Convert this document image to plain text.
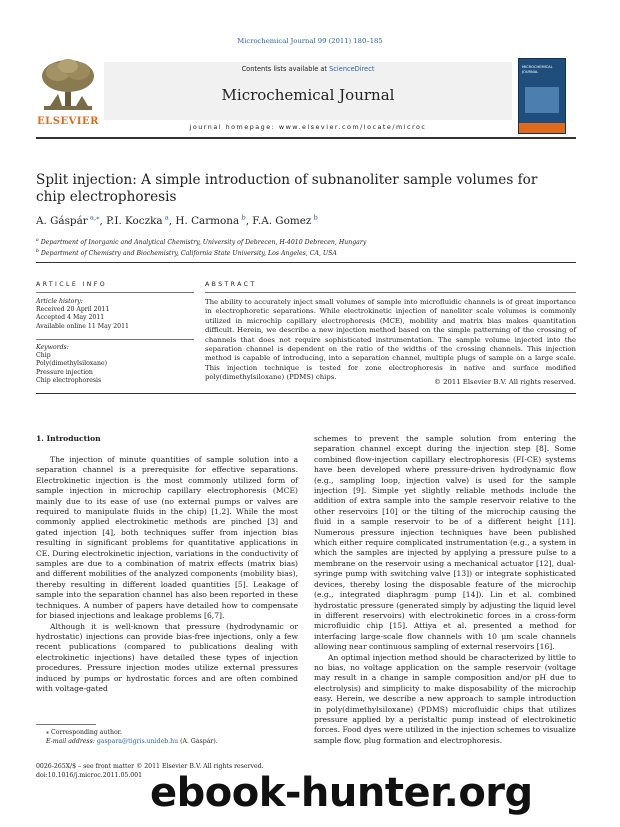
Microchemical Journal 99 (2011) 180–185
Contents lists available at ScienceDirect
Microchemical Journal
journal homepage: www.elsevier.com/locate/microc
ELSEVIER
MICROCHEMICAL JOURNAL
Split injection: A simple introduction of subnanoliter sample volumes for
chip electrophoresis
A. Gáspár $^{a,⁎}$, P.I. Koczka $^a$, H. Carmona $^b$, F.A. Gomez $^b$
$^a$ Department of Inorganic and Analytical Chemistry, University of Debrecen, H-4010 Debrecen, Hungary
$^b$ Department of Chemistry and Biochemistry, California State University, Los Angeles, CA, USA
ARTICLE INFO	ABSTRACT
Article history:
Received 20 April 2011
Accepted 4 May 2011
Available online 11 May 2011
Keywords:
Chip
Poly(dimethylsiloxane)
Pressure injection
Chip electrophoresis
The ability to accurately inject small volumes of sample into microfluidic channels is of great importance in electrophoretic separations. While electrokinetic injection of nanoliter scale volumes is commonly utilized in microchip capillary electrophoresis (MCE), mobility and matrix bias makes quantitation difficult. Herein, we describe a new injection method based on the simple patterning of the crossing of channels that does not require sophisticated instrumentation. The sample volume injected into the separation channel is dependent on the ratio of the widths of the crossing channels. This injection method is capable of introducing, into a separation channel, multiple plugs of sample on a large scale. This injection technique is tested for zone electrophoresis in native and surface modified poly(dimethylsiloxane) (PDMS) chips.
© 2011 Elsevier B.V. All rights reserved.
1. Introduction

The injection of minute quantities of sample solution into a separation channel is a prerequisite for effective separations. Electrokinetic injection is the most commonly utilized form of sample injection in microchip capillary electrophoresis (MCE) mainly due to its ease of use (no external pumps or valves are required to manipulate fluids in the chip) [1,2]. While the most commonly applied electrokinetic methods are pinched [3] and gated injection [4], both techniques suffer from injection bias resulting in significant problems for quantitative applications in CE. During electrokinetic injection, variations in the conductivity of samples are due to a combination of matrix effects (matrix bias) and different mobilities of the analyzed components (mobility bias), thereby resulting in different loaded quantities [5]. Leakage of sample into the separation channel has also been reported in these techniques. A number of papers have detailed how to compensate for biased injections and leakage problems [6,7].

Although it is well-known that pressure (hydrodynamic or hydrostatic) injections can provide bias-free injections, only a few recent publications (compared to publications dealing with electrokinetic injections) have detailed these types of injection procedures. Pressure injection modes utilize external pressures induced by pumps or hydrostatic forces and are often combined with voltage-gated

schemes to prevent the sample solution from entering the separation channel except during the injection step [8]. Some combined flow-injection capillary electrophoresis (FI-CE) systems have been developed where pressure-driven hydrodynamic flow (e.g., sampling loop, injection valve) is used for the sample injection [9]. Simple yet slightly reliable methods include the addition of extra sample into the sample reservoir relative to the other reservoirs [10] or the tilting of the microchip causing the fluid in a sample reservoir to be of a different height [11]. Numerous pressure injection techniques have been published which either require complicated instrumentation (e.g., a system in which the samples are injected by applying a pressure pulse to a membrane on the reservoir using a mechanical actuator [12], dual-syringe pump with switching valve [13]) or integrate sophisticated devices, thereby losing the disposable feature of the microchip (e.g., integrated diaphragm pump [14]). Lin et al. combined hydrostatic pressure (generated simply by adjusting the liquid level in different reservoirs) with electrokinetic forces in a cross-form microfluidic chip [15]. Attiya et al. presented a method for interfacing large-scale flow channels with 10 μm scale channels allowing near continuous sampling of external reservoirs [16].

An optimal injection method should be characterized by little to no bias, no voltage application on the sample reservoir (voltage may result in a change in sample composition and/or pH due to electrolysis) and simplicity to make disposability of the microchip easy. Herein, we describe a new approach to sample introduction in poly(dimethylsiloxane) (PDMS) microfluidic chips that utilizes pressure applied by a peristaltic pump instead of electrokinetic forces. Food dyes were utilized in the injection schemes to visualize sample flow, plug formation and electrophoresis.

⁎ Corresponding author.
E-mail address: gaspara@tigris.unideb.hu (A. Gáspár).
0026-265X/$ – see front matter © 2011 Elsevier B.V. All rights reserved.
doi:10.1016/j.microc.2011.05.001 ebook-hunter.org
